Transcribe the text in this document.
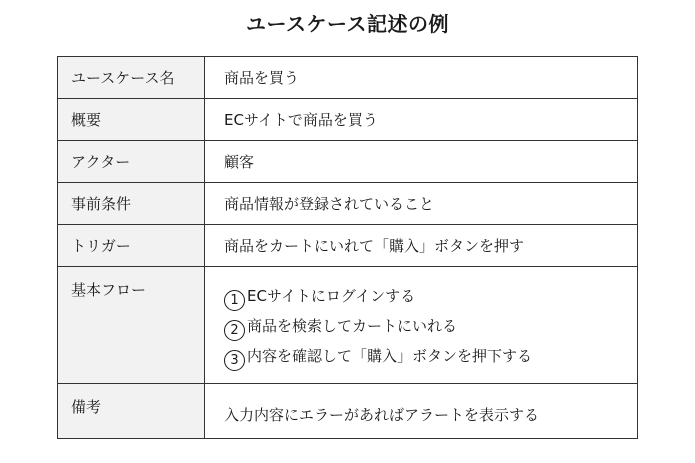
ユースケース記述の例
ユースケース名	商品を買う
概要	ECサイトで商品を買う
アクター	顧客
事前条件	商品情報が登録されていること
トリガー	商品をカートにいれて「購入」ボタンを押す
基本フロー	1 ECサイトにログインする
2 商品を検索してカートにいれる
3 内容を確認して「購入」ボタンを押下する

備考	入力内容にエラーがあればアラートを表示する
